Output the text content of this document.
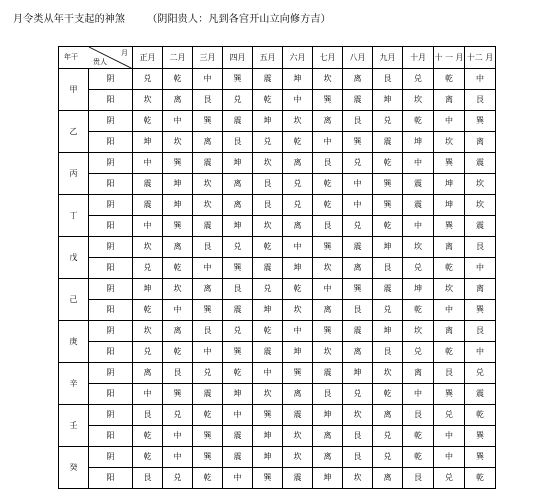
月令类从年干支起的神煞 （阴阳贵人：凡到各宫开山立向修方吉）
年干 月
贵人		正月	二月	三月	四月	五月	六月	七月	八月	九月	十月	十 一 月	十二 月
甲	阴	兑	乾	中	巽	震	坤	坎	离	艮	兑	乾	中
	阳	坎	离	艮	兑	乾	中	巽	震	坤	坎	离	艮
乙	阴	乾	中	巽	震	坤	坎	离	艮	兑	乾	中	巽
	阳	坤	坎	离	艮	兑	乾	中	巽	震	坤	坎	离
丙	阴	中	巽	震	坤	坎	离	艮	兑	乾	中	巽	震
	阳	震	坤	坎	离	艮	兑	乾	中	巽	震	坤	坎
丁	阴	震	坤	坎	离	艮	兑	乾	中	巽	震	坤	坎
	阳	中	巽	震	坤	坎	离	艮	兑	乾	中	巽	震
戊	阴	坎	离	艮	兑	乾	中	巽	震	坤	坎	离	艮
	阳	兑	乾	中	巽	震	坤	坎	离	艮	兑	乾	中
己	阴	坤	坎	离	艮	兑	乾	中	巽	震	坤	坎	离
	阳	乾	中	巽	震	坤	坎	离	艮	兑	乾	中	巽
庚	阴	坎	离	艮	兑	乾	中	巽	震	坤	坎	离	艮
	阳	兑	乾	中	巽	震	坤	坎	离	艮	兑	乾	中
辛	阴	离	艮	兑	乾	中	巽	震	坤	坎	离	艮	兑
	阳	中	巽	震	坤	坎	离	艮	兑	乾	中	巽	震
壬	阴	艮	兑	乾	中	巽	震	坤	坎	离	艮	兑	乾
	阳	乾	中	巽	震	坤	坎	离	艮	兑	乾	中	巽
癸	阴	乾	中	巽	震	坤	坎	离	艮	兑	乾	中	巽
	阳	艮	兑	乾	中	巽	震	坤	坎	离	艮	兑	乾
